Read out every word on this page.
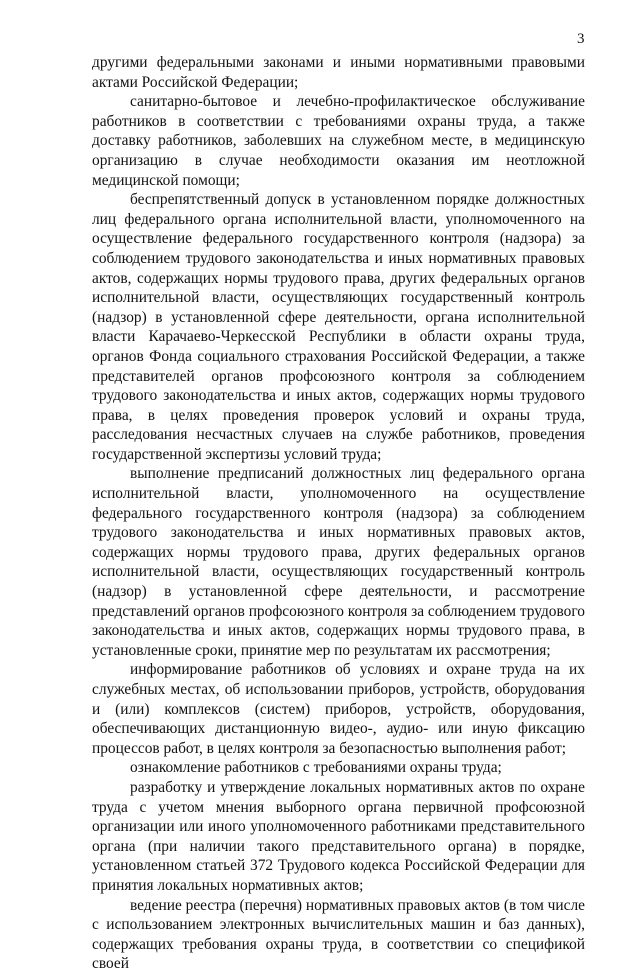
3

другими федеральными законами и иными нормативными правовыми актами Российской Федерации;

санитарно-бытовое и лечебно-профилактическое обслуживание работников в соответствии с требованиями охраны труда, а также доставку работников, заболевших на служебном месте, в медицинскую организацию в случае необходимости оказания им неотложной медицинской помощи;

беспрепятственный допуск в установленном порядке должностных лиц федерального органа исполнительной власти, уполномоченного на осуществление федерального государственного контроля (надзора) за соблюдением трудового законодательства и иных нормативных правовых актов, содержащих нормы трудового права, других федеральных органов исполнительной власти, осуществляющих государственный контроль (надзор) в установленной сфере деятельности, органа исполнительной власти Карачаево-Черкесской Республики в области охраны труда, органов Фонда социального страхования Российской Федерации, а также представителей органов профсоюзного контроля за соблюдением трудового законодательства и иных актов, содержащих нормы трудового права, в целях проведения проверок условий и охраны труда, расследования несчастных случаев на службе работников, проведения государственной экспертизы условий труда;

выполнение предписаний должностных лиц федерального органа исполнительной власти, уполномоченного на осуществление федерального государственного контроля (надзора) за соблюдением трудового законодательства и иных нормативных правовых актов, содержащих нормы трудового права, других федеральных органов исполнительной власти, осуществляющих государственный контроль (надзор) в установленной сфере деятельности, и рассмотрение представлений органов профсоюзного контроля за соблюдением трудового законодательства и иных актов, содержащих нормы трудового права, в установленные сроки, принятие мер по результатам их рассмотрения;

информирование работников об условиях и охране труда на их служебных местах, об использовании приборов, устройств, оборудования и (или) комплексов (систем) приборов, устройств, оборудования, обеспечивающих дистанционную видео-, аудио- или иную фиксацию процессов работ, в целях контроля за безопасностью выполнения работ;

ознакомление работников с требованиями охраны труда;

разработку и утверждение локальных нормативных актов по охране труда с учетом мнения выборного органа первичной профсоюзной организации или иного уполномоченного работниками представительного органа (при наличии такого представительного органа) в порядке, установленном статьей 372 Трудового кодекса Российской Федерации для принятия локальных нормативных актов;

ведение реестра (перечня) нормативных правовых актов (в том числе с использованием электронных вычислительных машин и баз данных), содержащих требования охраны труда, в соответствии со спецификой своей
